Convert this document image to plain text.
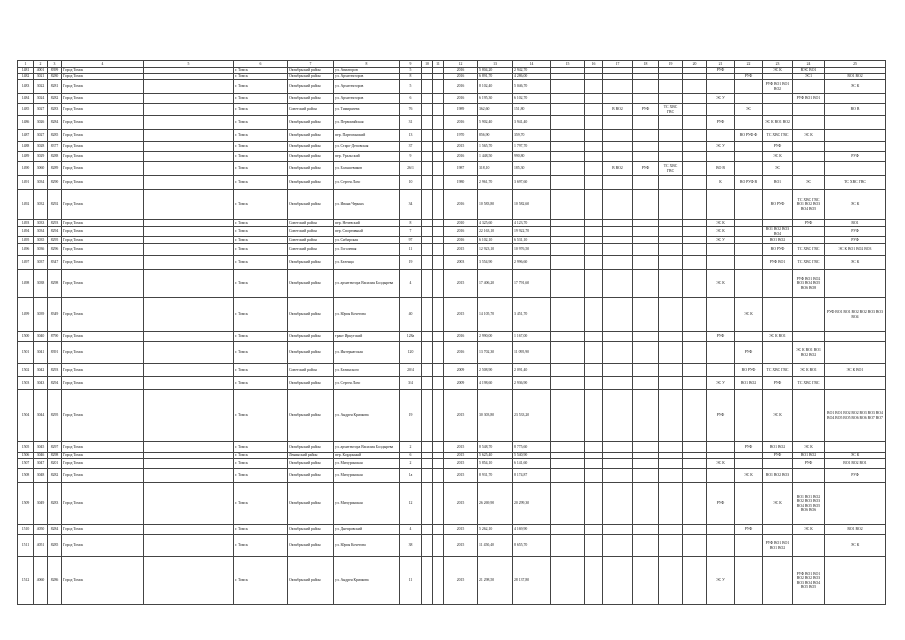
1	2	3	4	5	6	7	8	9	10	11	12	13	14	15	16	17	18	19	20	21	22	23	24	25
1481	4001	8399	Город Томск		г. Томск	Октябрьский район	ул. Авиаторов	5			2016	5 804,20	2 942,70							РУФ		ЭС К	ВЭС ВО1	
1482	3021	8280	Город Томск		г. Томск	Октябрьский район	ул. Архитекторов	8			2016	6 891,70	4 286,00								РУФ		ЭС1	ВО1 ВО2
1483	3022	8281	Город Томск		г. Томск	Октябрьский район	ул. Архитекторов	5			2016	8 102,40	5 046,70									РУФ ВО1 ВО1 ВО2		ЭС К
1484	3024	8282	Город Томск		г. Томск	Октябрьский район	ул. Архитекторов	6			2016	6 195,30	6 102,70							ЭС У			РУФ ВО1 ВО1	
1485	3027	8283	Город Томск		г. Томск	Советский район	ул. Тимирязева	76			1989	362,60	151,80			В ВО2	РУФ	ТС ХВС ГВС			ЭС			ВО В
1486	3026	8284	Город Томск		г. Томск	Октябрьский район	ул. Первомайская	31			2016	5 902,40	3 941,40							РУФ		ЭС К ВО1 ВО2		
1487	3027	8285	Город Томск		г. Томск	Октябрьский район	пер. Партизанский	13			1970	856,90	359,70								ВО РУФ Ф	ТС ХВС ГВС	ЭС К	
1488	3028	8377	Город Томск		г. Томск	Октябрьский район	ул. Старо-Деповская	37			2015	1 565,70	1 797,70							ЭС У		РУФ		
1489	3029	8288	Город Томск		г. Томск	Октябрьский район	пер. Уральский	9			2016	1 448,50	990,80									ЭС К		РУФ
1490	3060	8289	Город Томск		г. Томск	Октябрьский район	ул. Большевиков	26/1			1987	318,10	185,30			В ВО2	РУФ	ТС ХВС ГВС		ВО В		ЭС		
1491	3034	8290	Город Томск		г. Томск	Октябрьский район	ул. Сергея Лазо	10			1980	2 961,70	3 697,60							К	ВО РУФ В	ВО1	ЭС	ТС ХВС ГВС
1492	3032	8292	Город Томск		г. Томск	Октябрьский район	ул. Ивана Черных	34			2016	10 583,80	10 582,60									ВО РУФ	ТС ХВС ГВС ВО1 ВО2 ВО3 ВО4 ВО5	ЭС К
1493	3033	8293	Город Томск		г. Томск	Советский район	пер. Нечевский	8			2010	4 325,60	4 123,70							ЭС К			РУФ	ВО1
1494	3034	8294	Город Томск		г. Томск	Советский район	пер. Спортивный	7			2016	22 163,10	19 922,70							ЭС К		ВО1 ВО2 ВО3 ВО4		РУФ
1495	3035	8295	Город Томск		г. Томск	Советский район	ул. Сибирская	97			2016	6 102,10	6 531,10							ЭС У		ВО1 ВО2		РУФ
1496	3036	8296	Город Томск		г. Томск	Советский район	ул. Гоголевая	11			2015	12 923,10	10 976,50									ВО РУФ	ТС ХВС ГВС	ЭС К ВО1 ВО2 ВО3
1497	3037	8347	Город Томск		г. Томск	Октябрьский район	ул. Беленца	19			2003	3 554,90	2 996,60									РУФ ВО1	ТС ХВС ГВС	ЭС К
1498	3038	8298	Город Томск		г. Томск	Октябрьский район	ул. архитектора Василия Болдырева	4			2015	17 406,20	17 791,60							ЭС К			РУФ ВО1 ВО2 ВО3 ВО4 ВО5 ВО6 ВО8	
1499	3039	8349	Город Томск		г. Томск	Октябрьский район	ул. Юрия Кочетова	40			2015	14 105,70	3 451,70								ЭС К			РУФ ВО1 ВО1 ВО2 ВО2 ВО3 ВО3 ВО4
1500	3040	8790	Город Томск		г. Томск	Октябрьский район	тракт Иркутский	128а			2016	2 990,00	1 167,00							РУФ		ЭС К ВО1		
1501	3041	8391	Город Томск		г. Томск	Октябрьский район	ул. Интернатская	120			2016	13 702,30	11 095,90								РУФ		ЭС К ВО1 ВО1 ВО2 ВО2	
1502	3042	8293	Город Томск		г. Томск	Советский район	ул. Белинского	20/4			2009	2 508,90	2 091,40								ВО РУФ	ТС ХВС ГВС	ЭС К ВО1	ЭС К ВО1
1503	3043	8294	Город Томск		г. Томск	Октябрьский район	ул. Сергея Лазо	3/4			2009	4 198,60	2 936,90							ЭС У	ВО1 ВО2	РУФ	ТС ХВС ГВС	
1504	3044	8295	Город Томск		г. Томск	Октябрьский район	ул. Андрея Крячкова	19			2015	30 303,80	23 533,20							РУФ		ЭС К		ВО1 ВО1 ВО2 ВО2 ВО3 ВО3 ВО4 ВО4 ВО5 ВО5 ВО6 ВО6 ВО7 ВО7
1505	3045	8297	Город Томск		г. Томск	Октябрьский район	ул. архитектора Василия Болдырева	2			2015	8 548,70	8 775,60								РУФ	ВО1 ВО2	ЭС К	
1506	3046	8298	Город Томск		г. Томск	Ленинский район	пер. Кордонный	6			2015	5 625,40	5 540,90									РУФ	ВО1 ВО2	ЭС К
1507	3047	8201	Город Томск		г. Томск	Октябрьский район	ул. Мичуринская	2			2015	5 854,10	6 141,60							ЭС К			РУФ	ВО1 ВО2 ВО1
1508	3048	8282	Город Томск		г. Томск	Октябрьский район	ул. Мичуринская	1а			2015	8 931,70	8 174,87								ЭС К	ВО1 ВО2 ВО3		РУФ
1509	3049	8283	Город Томск		г. Томск	Октябрьский район	ул. Мичуринская	12			2015	26 269,90	20 299,30							РУФ		ЭС К	ВО1 ВО1 ВО2 ВО2 ВО3 ВО3 ВО4 ВО5 ВО5 ВО6 ВО6	
1510	4050	8284	Город Томск		г. Томск	Октябрьский район	ул. Днепровский	4			2015	5 262,10	4 169,90								РУФ		ЭС К	ВО1 ВО2
1511	4051	8285	Город Томск		г. Томск	Октябрьский район	ул. Юрия Кочетова	38			2015	11 450,40	8 655,70									РУФ ВО1 ВО1 ВО1 ВО2		ЭС К
1512	4060	8286	Город Томск		г. Томск	Октябрьский район	ул. Андрея Крячкова	11			2015	21 298,50	28 137,80							ЭС У			РУФ ВО1 ВО1 ВО2 ВО2 ВО3 ВО3 ВО4 ВО4 ВО5 ВО5	
